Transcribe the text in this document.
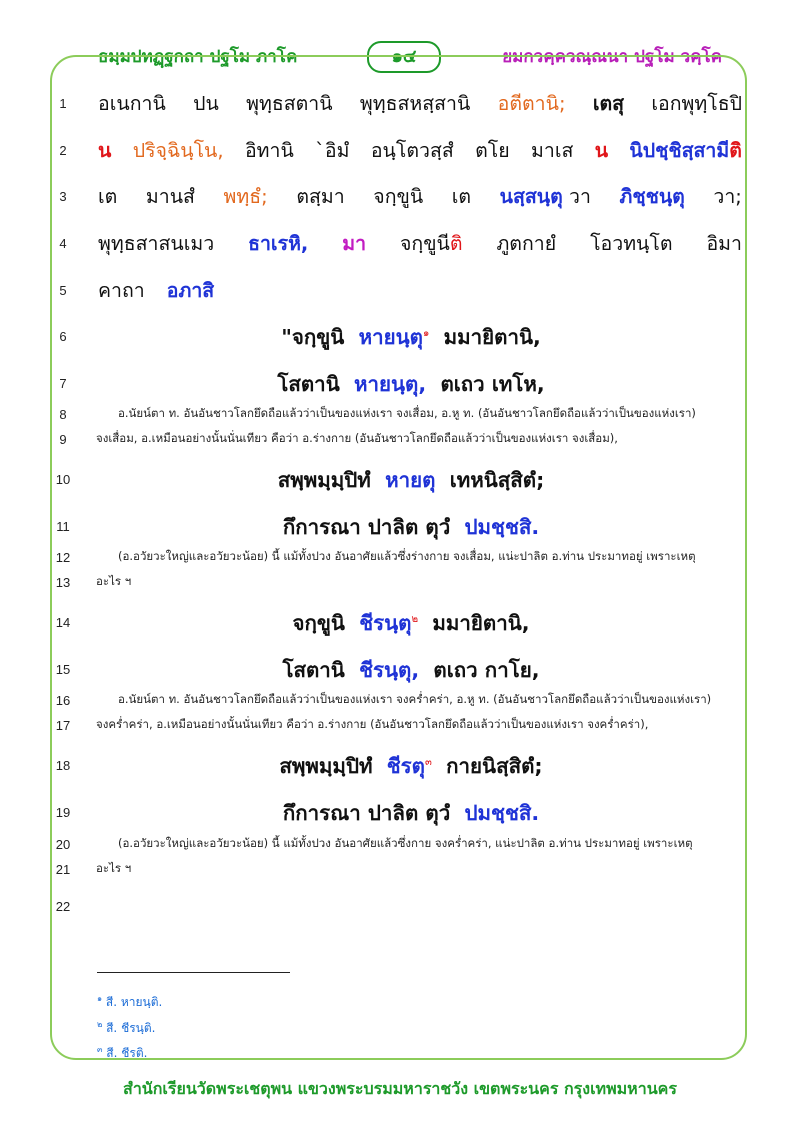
ธมฺมปทฏฺฐกถา ปฐโม ภาโค	๑๔	ยมกวคฺควณฺณนา ปฐโม วคฺโค
1	อเนกานิ ปน พุทฺธสตานิ พุทฺธสหสฺสานิ อตีตานิ; เตสุ เอกพุทฺโธปิ
2	น ปริจฺฉินฺโน, อิทานิ `อิมํ อนฺโตวสฺสํ ตโย มาเส น นิปชฺชิสฺสามีติ
3	เต มานสํ พทฺธํ; ตสฺมา จกฺขูนิ เต นสฺสนฺตุ วา ภิชฺชนฺตุ วา;
4	พุทฺธสาสนเมว ธาเรหิ, มา จกฺขูนีติ ภูตกายํ โอวทนฺโต อิมา
5	คาถา อภาสิ
6	"จกฺขูนิ หายนฺตุ$^๑$ มมายิตานิ,
7	โสตานิ หายนฺตุ, ตเถว เทโห,
8	อ.นัยน์ตา ท. อันอันชาวโลกยึดถือแล้วว่าเป็นของแห่งเรา จงเสื่อม, อ.หู ท. (อันอันชาวโลกยึดถือแล้วว่าเป็นของแห่งเรา)
9	จงเสื่อม, อ.เหมือนอย่างนั้นนั่นเทียว คือว่า อ.ร่างกาย (อันอันชาวโลกยึดถือแล้วว่าเป็นของแห่งเรา จงเสื่อม),
10	สพฺพมฺมฺปิทํ หายตุ เทหนิสฺสิตํ;
11	กึการณา ปาลิต ตุวํ ปมชฺชสิ.
12	(อ.อวัยวะใหญ่และอวัยวะน้อย) นี้ แม้ทั้งปวง อันอาศัยแล้วซึ่งร่างกาย จงเสื่อม, แน่ะปาลิต อ.ท่าน ประมาทอยู่ เพราะเหตุ
13	อะไร ฯ
14	จกฺขูนิ ชีรนฺตุ$^๒$ มมายิตานิ,
15	โสตานิ ชีรนฺตุ, ตเถว กาโย,
16	อ.นัยน์ตา ท. อันอันชาวโลกยึดถือแล้วว่าเป็นของแห่งเรา จงคร่ำคร่า, อ.หู ท. (อันอันชาวโลกยึดถือแล้วว่าเป็นของแห่งเรา)
17	จงคร่ำคร่า, อ.เหมือนอย่างนั้นนั่นเทียว คือว่า อ.ร่างกาย (อันอันชาวโลกยึดถือแล้วว่าเป็นของแห่งเรา จงคร่ำคร่า),
18	สพฺพมฺมฺปิทํ ชีรตุ$^๓$ กายนิสฺสิตํ;
19	กึการณา ปาลิต ตุวํ ปมชฺชสิ.
20	(อ.อวัยวะใหญ่และอวัยวะน้อย) นี้ แม้ทั้งปวง อันอาศัยแล้วซึ่งกาย จงคร่ำคร่า, แน่ะปาลิต อ.ท่าน ประมาทอยู่ เพราะเหตุ
21	อะไร ฯ
22
$^๑$ สี. หายนฺติ.
$^๒$ สี. ชีรนฺติ.
$^๓$ สี. ชีรติ.
สำนักเรียนวัดพระเชตุพน แขวงพระบรมมหาราชวัง เขตพระนคร กรุงเทพมหานคร
